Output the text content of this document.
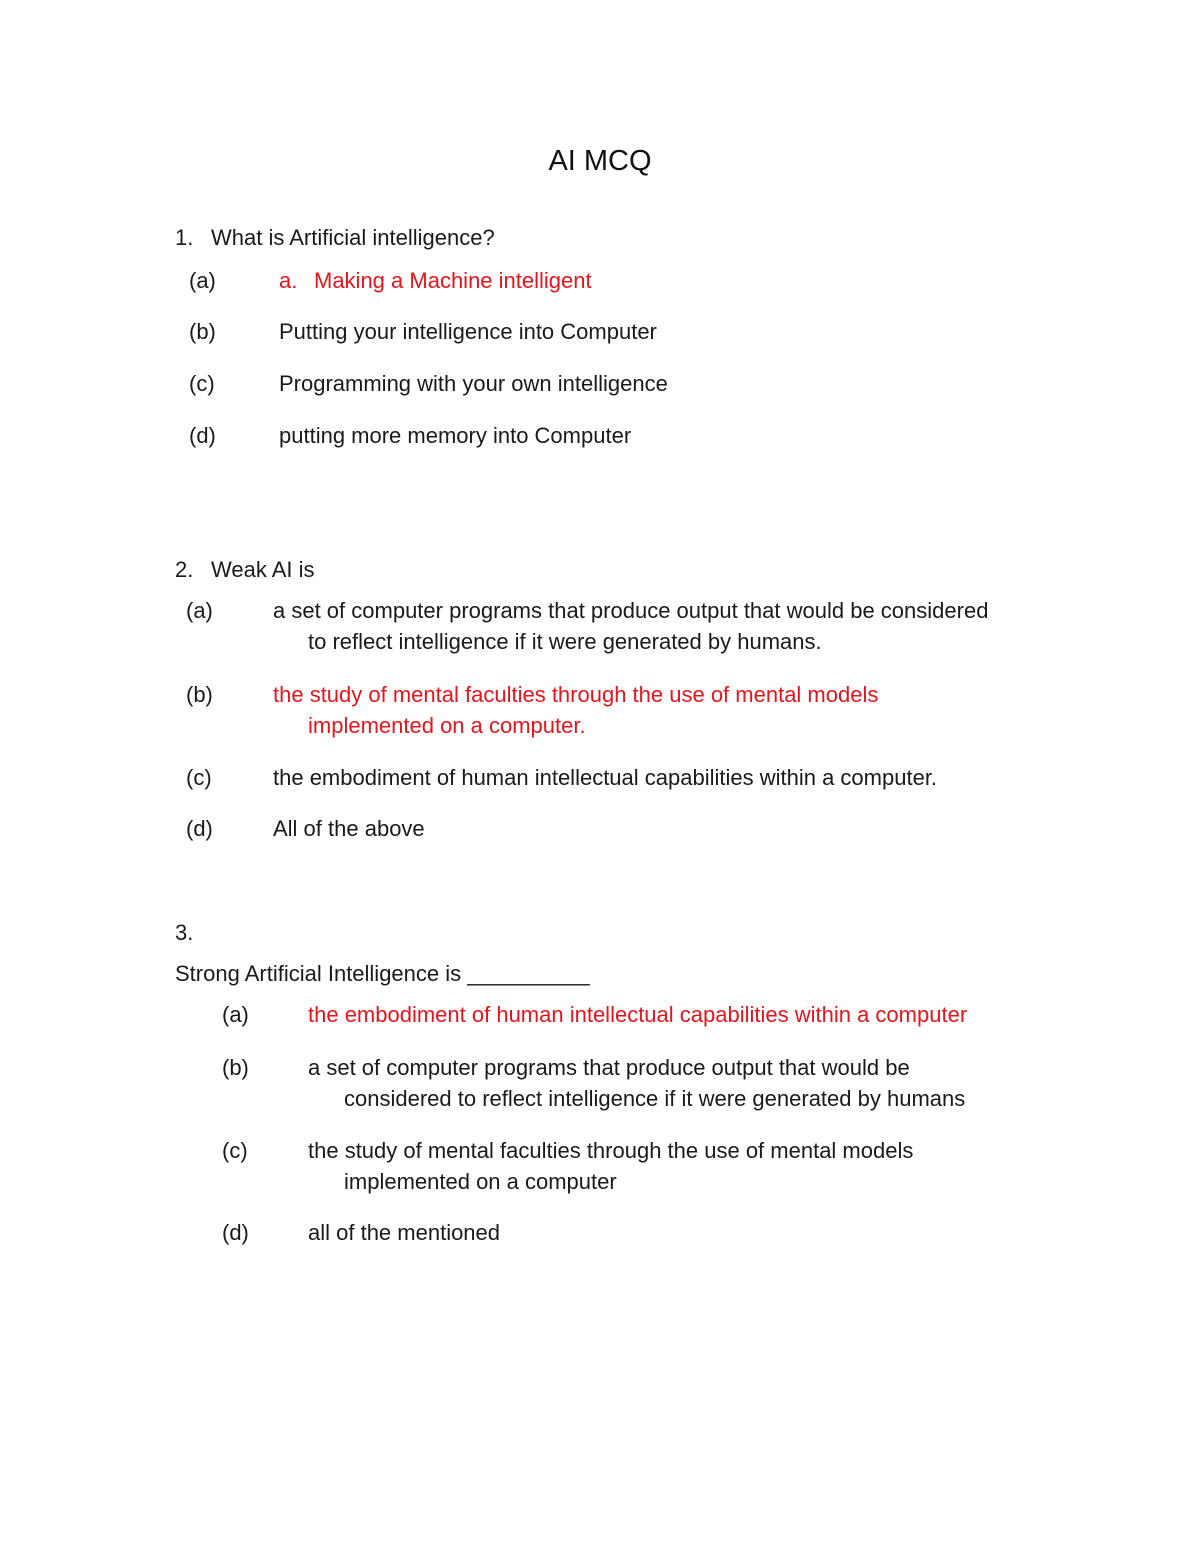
AI MCQ
1. What is Artificial intelligence?
(a)	a. Making a Machine intelligent
(b)	Putting your intelligence into Computer
(c)	Programming with your own intelligence
(d)	putting more memory into Computer
2. Weak AI is
(a)	a set of computer programs that produce output that would be considered
to reflect intelligence if it were generated by humans.
(b)	the study of mental faculties through the use of mental models
implemented on a computer.
(c)	the embodiment of human intellectual capabilities within a computer.
(d)	All of the above
3.
Strong Artificial Intelligence is __________
(a)	the embodiment of human intellectual capabilities within a computer
(b)	a set of computer programs that produce output that would be
considered to reflect intelligence if it were generated by humans
(c)	the study of mental faculties through the use of mental models
implemented on a computer
(d)	all of the mentioned
